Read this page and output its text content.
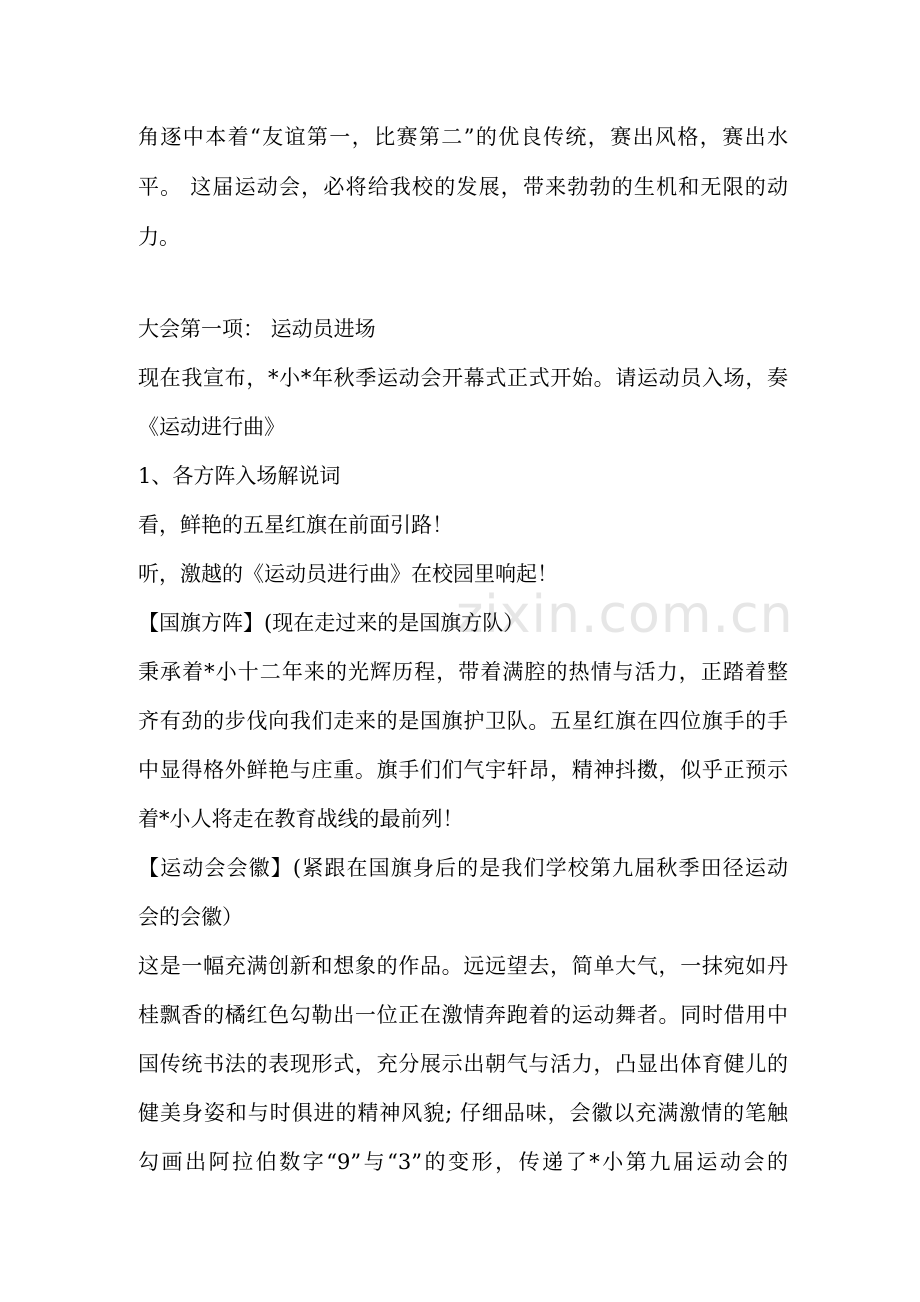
zixin.com.cn
角逐中本着“友谊第一，比赛第二”的优良传统，赛出风格，赛出水
平。 这届运动会，必将给我校的发展，带来勃勃的生机和无限的动
力。
大会第一项： 运动员进场
现在我宣布，*小*年秋季运动会开幕式正式开始。请运动员入场，奏
《运动进行曲》
1、各方阵入场解说词
看，鲜艳的五星红旗在前面引路！
听，激越的《运动员进行曲》在校园里响起！
【国旗方阵】(现在走过来的是国旗方队）
秉承着*小十二年来的光辉历程，带着满腔的热情与活力，正踏着整
齐有劲的步伐向我们走来的是国旗护卫队。五星红旗在四位旗手的手
中显得格外鲜艳与庄重。旗手们们气宇轩昂，精神抖擞，似乎正预示
着*小人将走在教育战线的最前列！
【运动会会徽】(紧跟在国旗身后的是我们学校第九届秋季田径运动
会的会徽）
这是一幅充满创新和想象的作品。远远望去，简单大气，一抹宛如丹
桂飘香的橘红色勾勒出一位正在激情奔跑着的运动舞者。同时借用中
国传统书法的表现形式，充分展示出朝气与活力，凸显出体育健儿的
健美身姿和与时俱进的精神风貌; 仔细品味，会徽以充满激情的笔触
勾画出阿拉伯数字“9”与“3”的变形，传递了*小第九届运动会的
